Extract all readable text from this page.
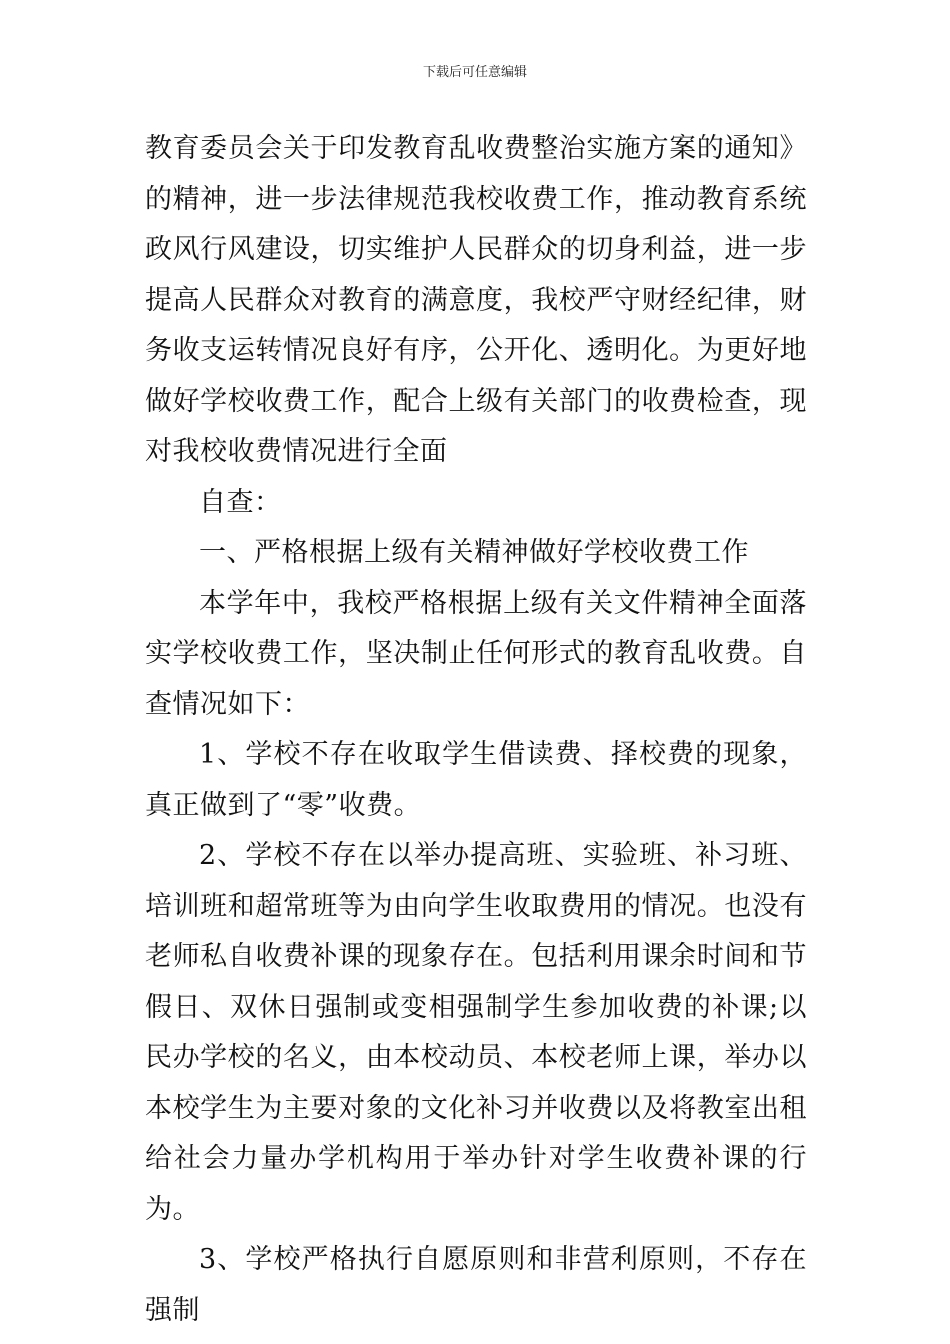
下载后可任意编辑

教育委员会关于印发教育乱收费整治实施方案的通知》的精神，进一步法律规范我校收费工作，推动教育系统政风行风建设，切实维护人民群众的切身利益，进一步提高人民群众对教育的满意度，我校严守财经纪律，财务收支运转情况良好有序，公开化、透明化。为更好地做好学校收费工作，配合上级有关部门的收费检查，现对我校收费情况进行全面

自查：

一、严格根据上级有关精神做好学校收费工作

本学年中，我校严格根据上级有关文件精神全面落实学校收费工作，坚决制止任何形式的教育乱收费。自查情况如下：

1、学校不存在收取学生借读费、择校费的现象，真正做到了“零”收费。

2、学校不存在以举办提高班、实验班、补习班、培训班和超常班等为由向学生收取费用的情况。也没有老师私自收费补课的现象存在。包括利用课余时间和节假日、双休日强制或变相强制学生参加收费的补课;以民办学校的名义，由本校动员、本校老师上课，举办以本校学生为主要对象的文化补习并收费以及将教室出租给社会力量办学机构用于举办针对学生收费补课的行为。

3、学校严格执行自愿原则和非营利原则，不存在强制
